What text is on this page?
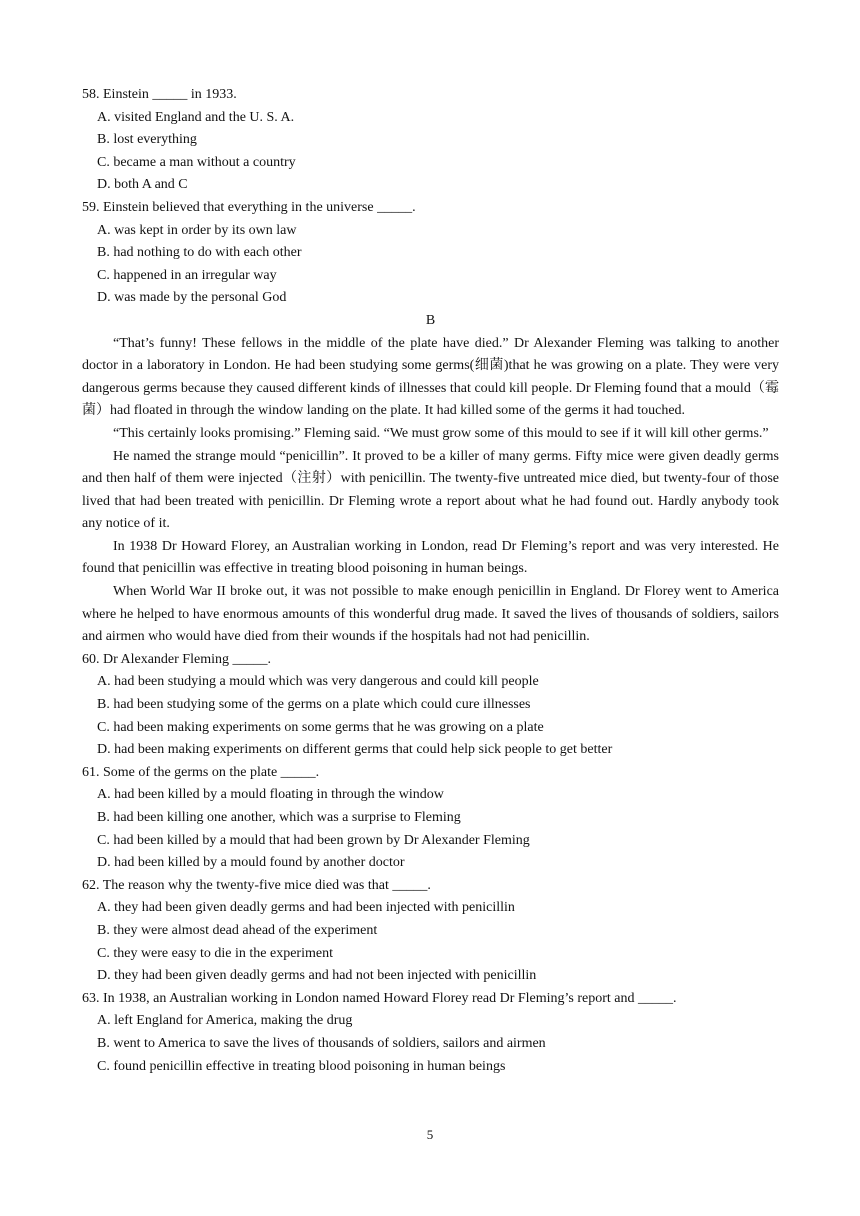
58. Einstein _____ in 1933.

A. visited England and the U. S. A.

B. lost everything

C. became a man without a country

D. both A and C

59. Einstein believed that everything in the universe _____.

A. was kept in order by its own law

B. had nothing to do with each other

C. happened in an irregular way

D. was made by the personal God

B

“That’s funny! These fellows in the middle of the plate have died.” Dr Alexander Fleming was talking to another doctor in a laboratory in London. He had been studying some germs(细菌)that he was growing on a plate. They were very dangerous germs because they caused different kinds of illnesses that could kill people. Dr Fleming found that a mould（霉菌）had floated in through the window landing on the plate. It had killed some of the germs it had touched.

“This certainly looks promising.” Fleming said. “We must grow some of this mould to see if it will kill other germs.”

He named the strange mould “penicillin”. It proved to be a killer of many germs. Fifty mice were given deadly germs and then half of them were injected（注射）with penicillin. The twenty-five untreated mice died, but twenty-four of those lived that had been treated with penicillin. Dr Fleming wrote a report about what he had found out. Hardly anybody took any notice of it.

In 1938 Dr Howard Florey, an Australian working in London, read Dr Fleming’s report and was very interested. He found that penicillin was effective in treating blood poisoning in human beings.

When World War II broke out, it was not possible to make enough penicillin in England. Dr Florey went to America where he helped to have enormous amounts of this wonderful drug made. It saved the lives of thousands of soldiers, sailors and airmen who would have died from their wounds if the hospitals had not had penicillin.

60. Dr Alexander Fleming _____.

A. had been studying a mould which was very dangerous and could kill people

B. had been studying some of the germs on a plate which could cure illnesses

C. had been making experiments on some germs that he was growing on a plate

D. had been making experiments on different germs that could help sick people to get better

61. Some of the germs on the plate _____.

A. had been killed by a mould floating in through the window

B. had been killing one another, which was a surprise to Fleming

C. had been killed by a mould that had been grown by Dr Alexander Fleming

D. had been killed by a mould found by another doctor

62. The reason why the twenty-five mice died was that _____.

A. they had been given deadly germs and had been injected with penicillin

B. they were almost dead ahead of the experiment

C. they were easy to die in the experiment

D. they had been given deadly germs and had not been injected with penicillin

63. In 1938, an Australian working in London named Howard Florey read Dr Fleming’s report and _____.

A. left England for America, making the drug

B. went to America to save the lives of thousands of soldiers, sailors and airmen

C. found penicillin effective in treating blood poisoning in human beings

5
